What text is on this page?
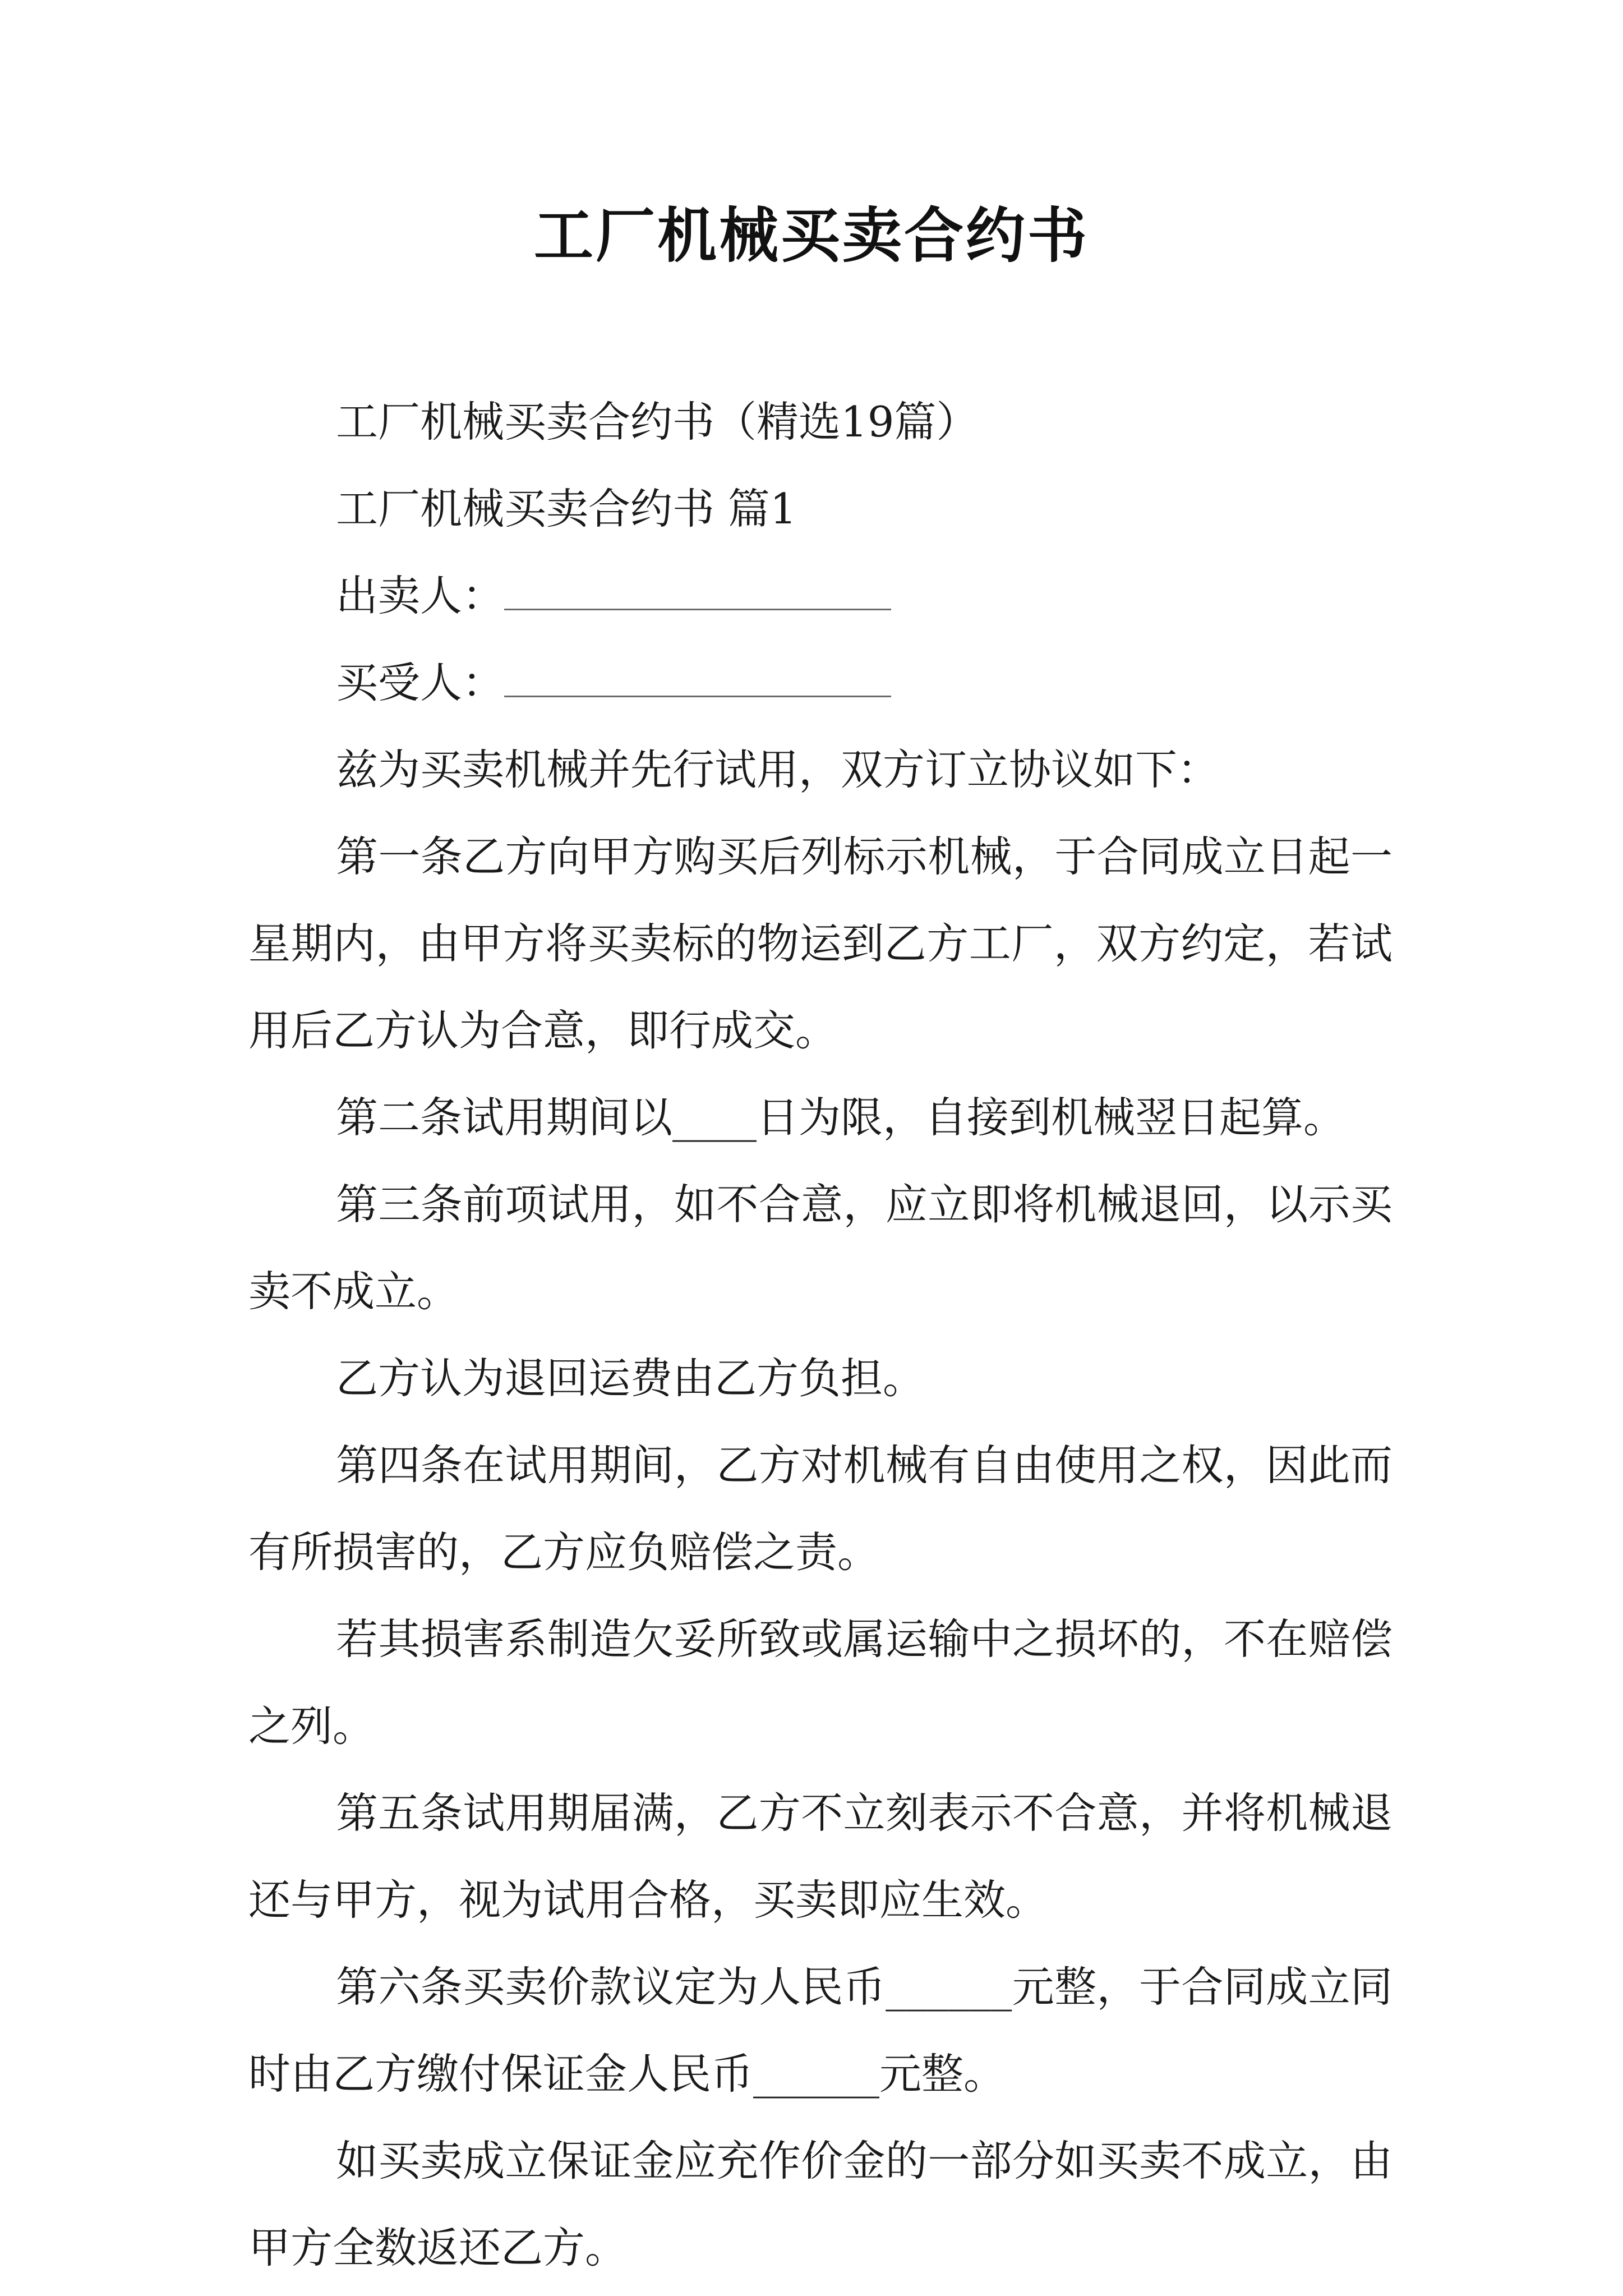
工厂机械买卖合约书

工厂机械买卖合约书（精选19篇）

工厂机械买卖合约书 篇1

出卖人：

买受人：

兹为买卖机械并先行试用，双方订立协议如下：

第一条乙方向甲方购买后列标示机械，于合同成立日起一星期内，由甲方将买卖标的物运到乙方工厂，双方约定，若试用后乙方认为合意，即行成交。

第二条试用期间以____日为限，自接到机械翌日起算。

第三条前项试用，如不合意，应立即将机械退回，以示买卖不成立。

乙方认为退回运费由乙方负担。

第四条在试用期间，乙方对机械有自由使用之权，因此而有所损害的，乙方应负赔偿之责。

若其损害系制造欠妥所致或属运输中之损坏的，不在赔偿之列。

第五条试用期届满，乙方不立刻表示不合意，并将机械退还与甲方，视为试用合格，买卖即应生效。

第六条买卖价款议定为人民币______元整，于合同成立同时由乙方缴付保证金人民币______元整。

如买卖成立保证金应充作价金的一部分如买卖不成立，由甲方全数返还乙方。
